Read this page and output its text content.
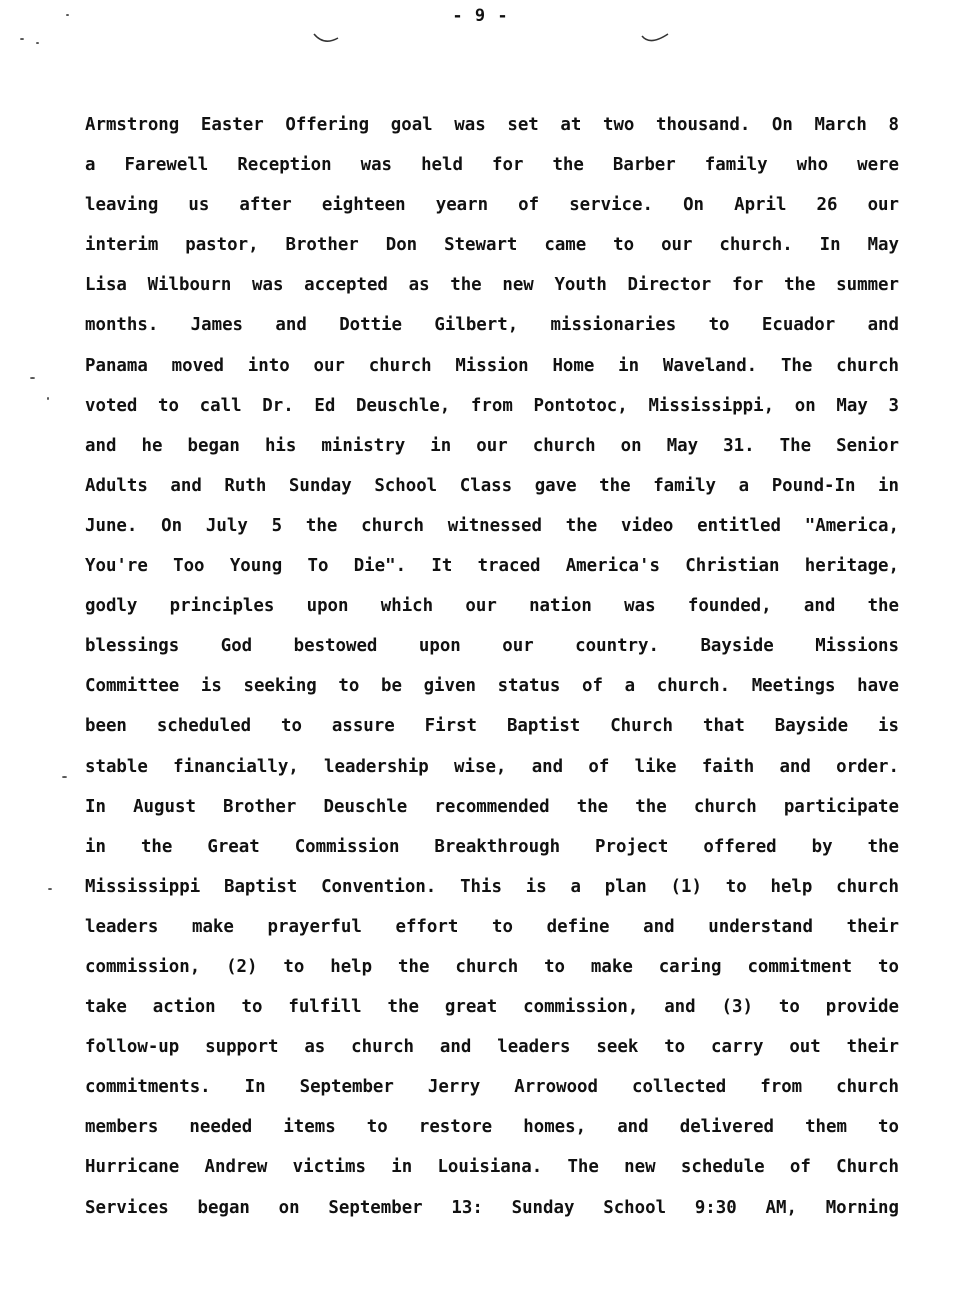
- 9 -
Armstrong Easter Offering goal was set at two thousand. On March 8
a Farewell Reception was held for the Barber family who were
leaving us after eighteen yearn of service. On April 26 our
interim pastor, Brother Don Stewart came to our church. In May
Lisa Wilbourn was accepted as the new Youth Director for the summer
months. James and Dottie Gilbert, missionaries to Ecuador and
Panama moved into our church Mission Home in Waveland. The church
voted to call Dr. Ed Deuschle, from Pontotoc, Mississippi, on May 3
and he began his ministry in our church on May 31. The Senior
Adults and Ruth Sunday School Class gave the family a Pound-In in
June. On July 5 the church witnessed the video entitled "America,
You're Too Young To Die". It traced America's Christian heritage,
godly principles upon which our nation was founded, and the
blessings God bestowed upon our country. Bayside Missions
Committee is seeking to be given status of a church. Meetings have
been scheduled to assure First Baptist Church that Bayside is
stable financially, leadership wise, and of like faith and order.
In August Brother Deuschle recommended the the church participate
in the Great Commission Breakthrough Project offered by the
Mississippi Baptist Convention. This is a plan (1) to help church
leaders make prayerful effort to define and understand their
commission, (2) to help the church to make caring commitment to
take action to fulfill the great commission, and (3) to provide
follow-up support as church and leaders seek to carry out their
commitments. In September Jerry Arrowood collected from church
members needed items to restore homes, and delivered them to
Hurricane Andrew victims in Louisiana. The new schedule of Church
Services began on September 13: Sunday School 9:30 AM, Morning
